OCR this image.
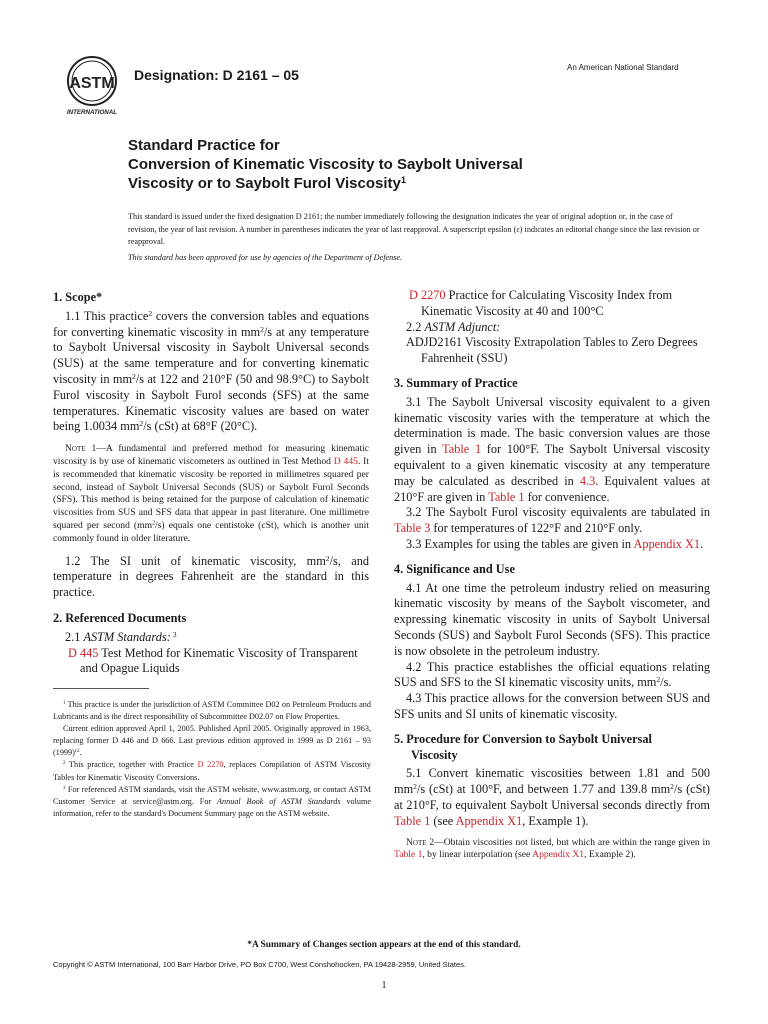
ASTM
INTERNATIONAL
Designation: D 2161 – 05	An American National Standard
Standard Practice for
Conversion of Kinematic Viscosity to Saybolt Universal
Viscosity or to Saybolt Furol Viscosity$^1$
This standard is issued under the fixed designation D 2161; the number immediately following the designation indicates the year of original adoption or, in the case of revision, the year of last revision. A number in parentheses indicates the year of last reapproval. A superscript epsilon (ε) indicates an editorial change since the last revision or reapproval.
This standard has been approved for use by agencies of the Department of Defense.

1. Scope*

1.1 This practice$^2$ covers the conversion tables and equations for converting kinematic viscosity in $mm^2/s$ at any temperature to Saybolt Universal viscosity in Saybolt Universal seconds (SUS) at the same temperature and for converting kinematic viscosity in $mm^2/s$ at 122 and 210°F (50 and 98.9°C) to Saybolt Furol viscosity in Saybolt Furol seconds (SFS) at the same temperatures. Kinematic viscosity values are based on water being 1.0034 $mm^2/s$ (cSt) at 68°F (20°C).

Note 1—A fundamental and preferred method for measuring kinematic viscosity is by use of kinematic viscometers as outlined in Test Method D 445. It is recommended that kinematic viscosity be reported in millimetres squared per second, instead of Saybolt Universal Seconds (SUS) or Saybolt Furol Seconds (SFS). This method is being retained for the purpose of calculation of kinematic viscosities from SUS and SFS data that appear in past literature. One millimetre squared per second $(mm^2/s)$ equals one centistoke (cSt), which is another unit commonly found in older literature.

1.2 The SI unit of kinematic viscosity, $mm^2/s$, and temperature in degrees Fahrenheit are the standard in this practice.

2. Referenced Documents

2.1 ASTM Standards: $^3$

D 445 Test Method for Kinematic Viscosity of Transparent and Opague Liquids

$^1$ This practice is under the jurisdiction of ASTM Committee D02 on Petroleum Products and Lubricants and is the direct responsibility of Subcommittee D02.07 on Flow Properties.

Current edition approved April 1, 2005. Published April 2005. Originally approved in 1963, replacing former D 446 and D 666. Last previous edition approved in 1999 as D 2161 – 93 $(1999)^{\varepsilon 2}$.

$^2$ This practice, together with Practice D 2270, replaces Compilation of ASTM Viscosity Tables for Kinematic Viscosity Conversions.

$^3$ For referenced ASTM standards, visit the ASTM website, www.astm.org, or contact ASTM Customer Service at service@astm.org. For Annual Book of ASTM Standards volume information, refer to the standard's Document Summary page on the ASTM website.

D 2270 Practice for Calculating Viscosity Index from Kinematic Viscosity at 40 and 100°C

2.2 ASTM Adjunct:

ADJD2161 Viscosity Extrapolation Tables to Zero Degrees Fahrenheit (SSU)

3. Summary of Practice

3.1 The Saybolt Universal viscosity equivalent to a given kinematic viscosity varies with the temperature at which the determination is made. The basic conversion values are those given in Table 1 for 100°F. The Saybolt Universal viscosity equivalent to a given kinematic viscosity at any temperature may be calculated as described in 4.3. Equivalent values at 210°F are given in Table 1 for convenience.

3.2 The Saybolt Furol viscosity equivalents are tabulated in Table 3 for temperatures of 122°F and 210°F only.

3.3 Examples for using the tables are given in Appendix X1.

4. Significance and Use

4.1 At one time the petroleum industry relied on measuring kinematic viscosity by means of the Saybolt viscometer, and expressing kinematic viscosity in units of Saybolt Universal Seconds (SUS) and Saybolt Furol Seconds (SFS). This practice is now obsolete in the petroleum industry.

4.2 This practice establishes the official equations relating SUS and SFS to the SI kinematic viscosity units, $mm^2/s$.

4.3 This practice allows for the conversion between SUS and SFS units and SI units of kinematic viscosity.

5. Procedure for Conversion to Saybolt Universal
Viscosity

5.1 Convert kinematic viscosities between 1.81 and 500 $mm^2/s$ (cSt) at 100°F, and between 1.77 and 139.8 $mm^2/s$ (cSt) at 210°F, to equivalent Saybolt Universal seconds directly from Table 1 (see Appendix X1, Example 1).

Note 2—Obtain viscosities not listed, but which are within the range given in Table 1, by linear interpolation (see Appendix X1, Example 2).

*A Summary of Changes section appears at the end of this standard.
Copyright © ASTM International, 100 Barr Harbor Drive, PO Box C700, West Conshohocken, PA 19428-2959, United States.
1
